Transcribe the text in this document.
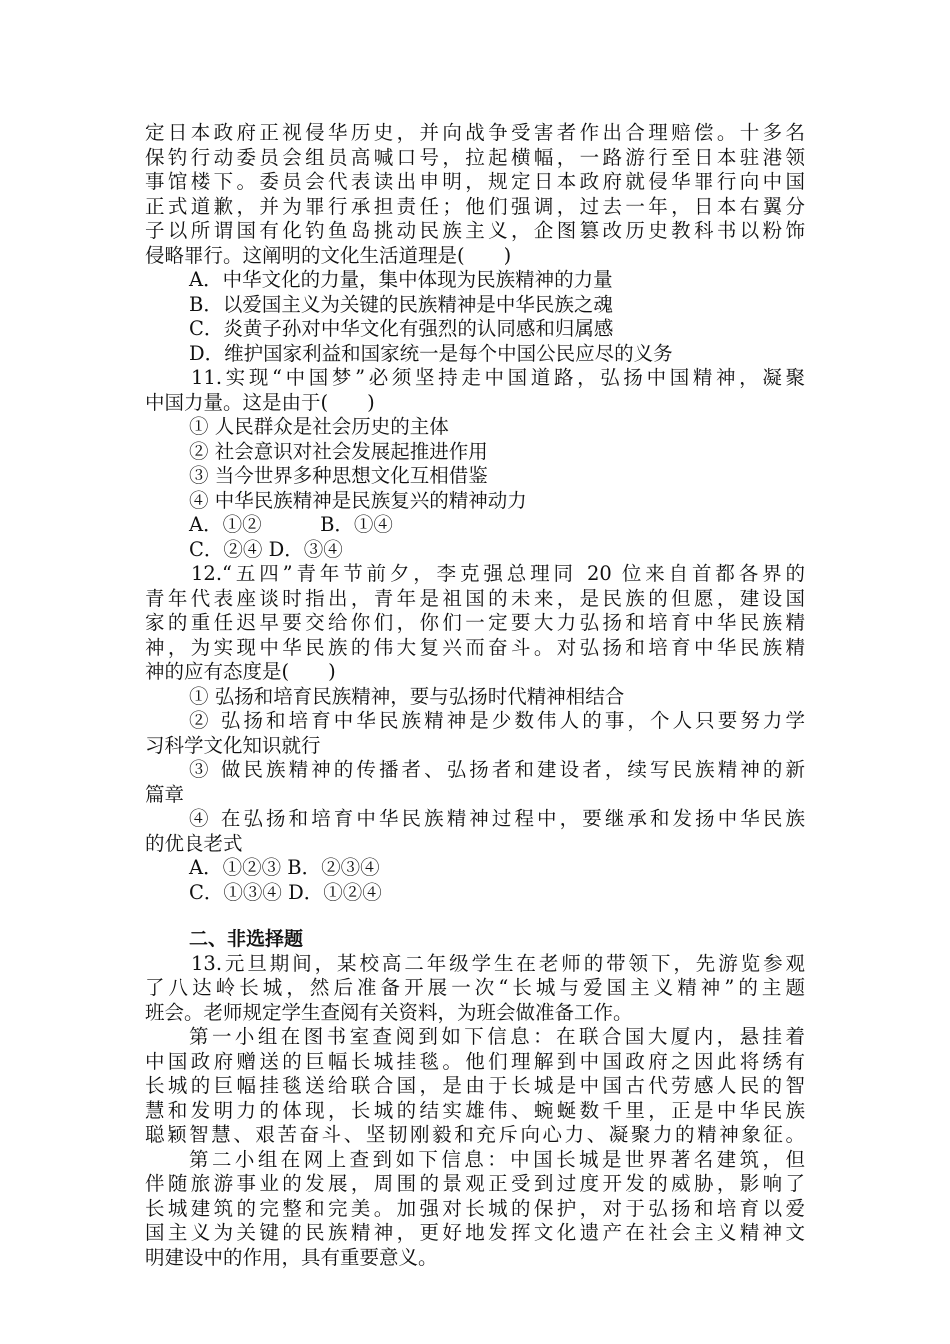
定日本政府正视侵华历史，并向战争受害者作出合理赔偿。十多名
保钓行动委员会组员高喊口号，拉起横幅，一路游行至日本驻港领
事馆楼下。委员会代表读出申明，规定日本政府就侵华罪行向中国
正式道歉，并为罪行承担责任；他们强调，过去一年，日本右翼分
子以所谓国有化钓鱼岛挑动民族主义，企图篡改历史教科书以粉饰
侵略罪行。这阐明的文化生活道理是(　　)
A．中华文化的力量，集中体现为民族精神的力量
B．以爱国主义为关键的民族精神是中华民族之魂
C．炎黄子孙对中华文化有强烈的认同感和归属感
D．维护国家利益和国家统一是每个中国公民应尽的义务
11.实现“中国梦”必须坚持走中国道路，弘扬中国精神，凝聚
中国力量。这是由于(　　)
① 人民群众是社会历史的主体
② 社会意识对社会发展起推进作用
③ 当今世界多种思想文化互相借鉴
④ 中华民族精神是民族复兴的精神动力
A．①②　　　B．①④
C．②④ D．③④
12.“五四”青年节前夕，李克强总理同 20 位来自首都各界的
青年代表座谈时指出，青年是祖国的未来，是民族的但愿，建设国
家的重任迟早要交给你们，你们一定要大力弘扬和培育中华民族精
神，为实现中华民族的伟大复兴而奋斗。对弘扬和培育中华民族精
神的应有态度是(　　)
① 弘扬和培育民族精神，要与弘扬时代精神相结合
② 弘扬和培育中华民族精神是少数伟人的事，个人只要努力学
习科学文化知识就行
③ 做民族精神的传播者、弘扬者和建设者，续写民族精神的新
篇章
④ 在弘扬和培育中华民族精神过程中，要继承和发扬中华民族
的优良老式
A．①②③ B．②③④
C．①③④ D．①②④
二、非选择题
13.元旦期间，某校高二年级学生在老师的带领下，先游览参观
了八达岭长城，然后准备开展一次“长城与爱国主义精神”的主题
班会。老师规定学生查阅有关资料，为班会做准备工作。
第一小组在图书室查阅到如下信息：在联合国大厦内，悬挂着
中国政府赠送的巨幅长城挂毯。他们理解到中国政府之因此将绣有
长城的巨幅挂毯送给联合国，是由于长城是中国古代劳感人民的智
慧和发明力的体现，长城的结实雄伟、蜿蜒数千里，正是中华民族
聪颖智慧、艰苦奋斗、坚韧刚毅和充斥向心力、凝聚力的精神象征。
第二小组在网上查到如下信息：中国长城是世界著名建筑，但
伴随旅游事业的发展，周围的景观正受到过度开发的威胁，影响了
长城建筑的完整和完美。加强对长城的保护，对于弘扬和培育以爱
国主义为关键的民族精神，更好地发挥文化遗产在社会主义精神文
明建设中的作用，具有重要意义。
